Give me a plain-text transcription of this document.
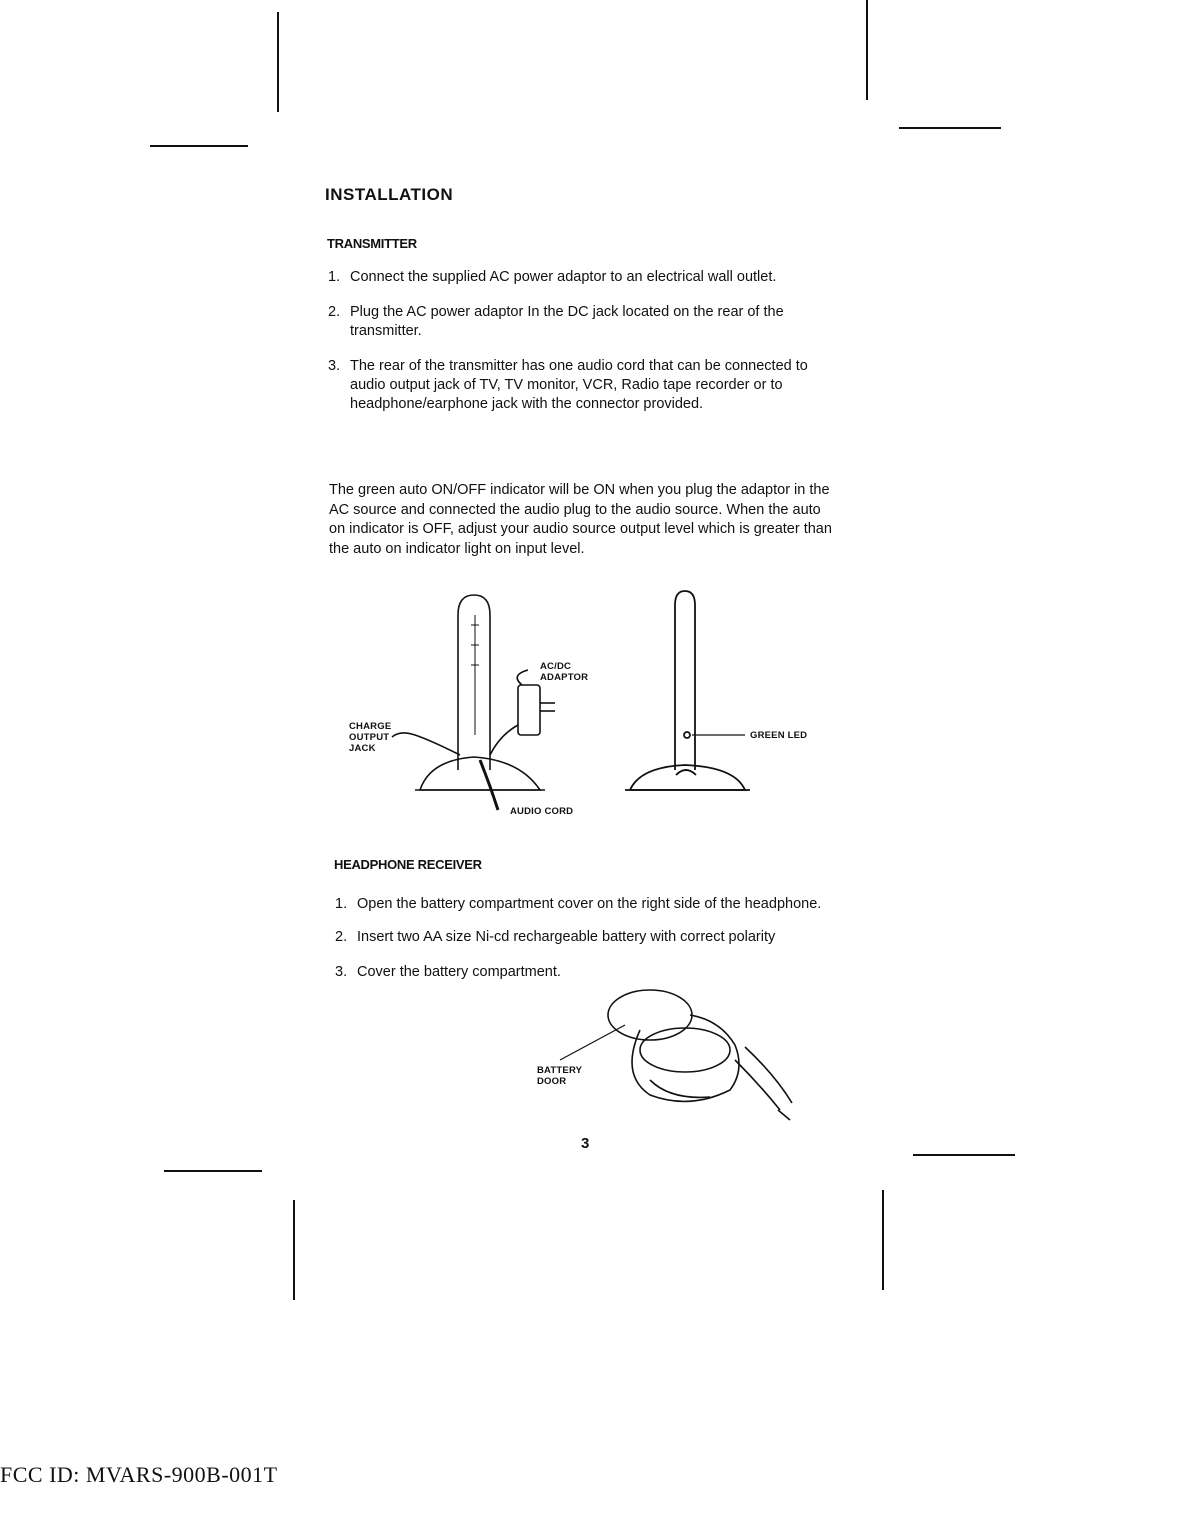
INSTALLATION
TRANSMITTER
1. Connect the supplied AC power adaptor to an electrical wall outlet.
2. Plug the AC power adaptor In the DC jack located on the rear of the transmitter.
3. The rear of the transmitter has one audio cord that can be connected to audio output jack of TV, TV monitor, VCR, Radio tape recorder or to headphone/earphone jack with the connector provided.

The green auto ON/OFF indicator will be ON when you plug the adaptor in the AC source and connected the audio plug to the audio source. When the auto on indicator is OFF, adjust your audio source output level which is greater than the auto on indicator light on input level.

AC/DC
ADAPTOR
CHARGE
OUTPUT
JACK
AUDIO CORD
GREEN LED
HEADPHONE RECEIVER
1. Open the battery compartment cover on the right side of the headphone.
2. Insert two AA size Ni-cd rechargeable battery with correct polarity
3. Cover the battery compartment.
BATTERY
DOOR
3
FCC ID: MVARS-900B-001T
